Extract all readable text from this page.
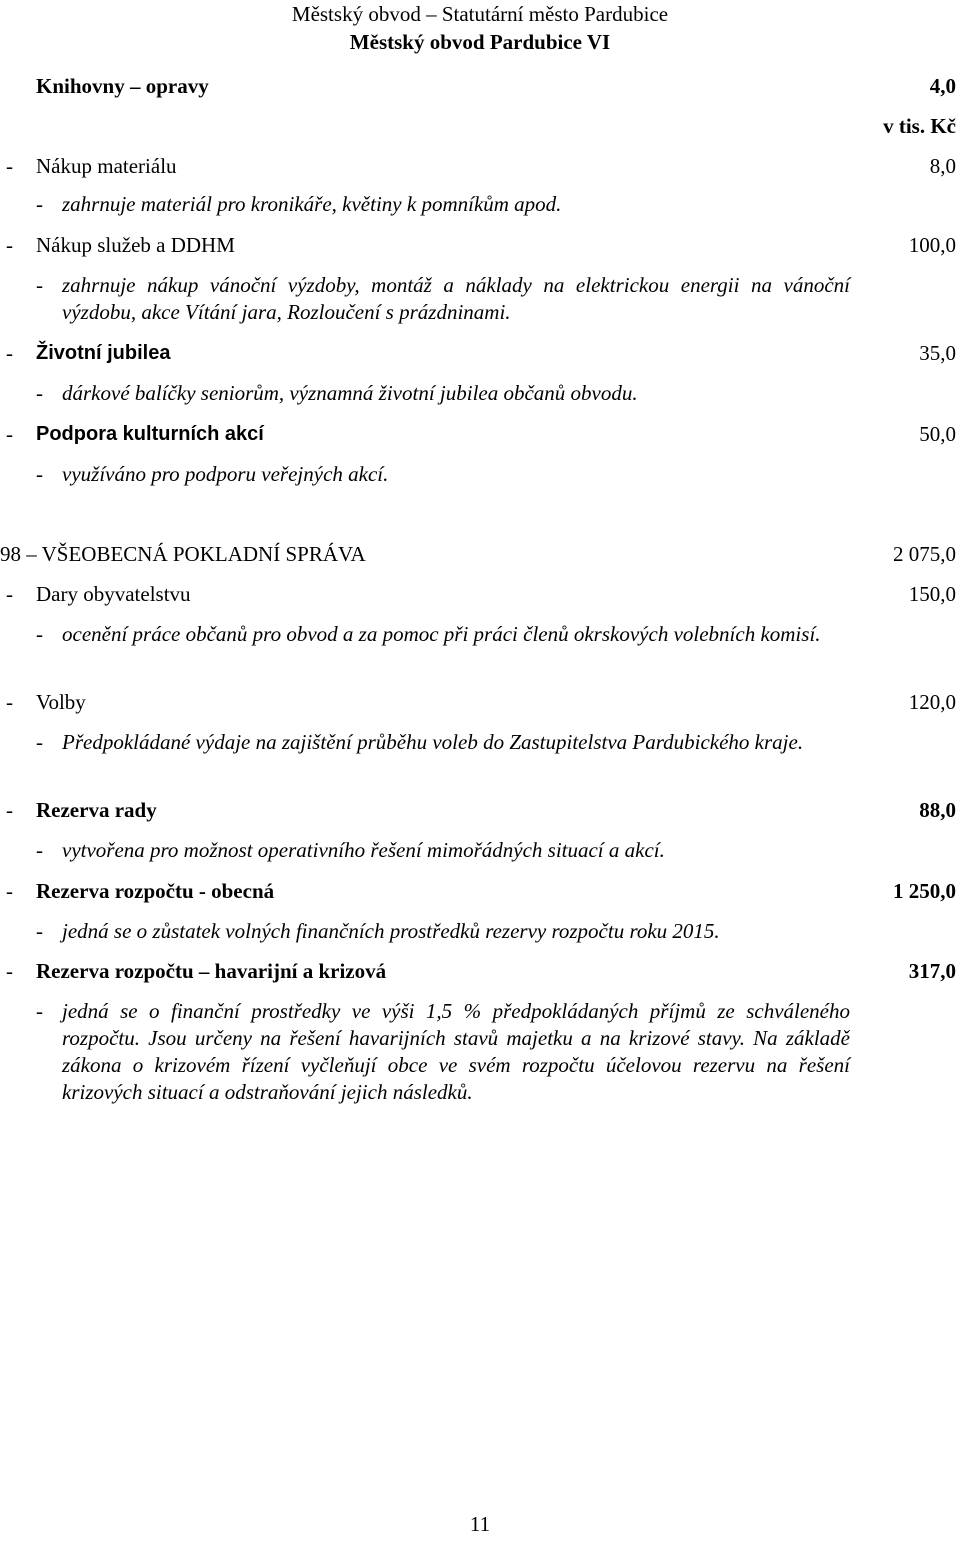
Městský obvod – Statutární město Pardubice
Městský obvod Pardubice VI
Knihovny – opravy	4,0
v tis. Kč
- Nákup materiálu	8,0
- zahrnuje materiál pro kronikáře, květiny k pomníkům apod.
- Nákup služeb a DDHM	100,0
- zahrnuje nákup vánoční výzdoby, montáž a náklady na elektrickou energii na vánoční výzdobu, akce Vítání jara, Rozloučení s prázdninami.
- Životní jubilea	35,0
- dárkové balíčky seniorům, významná životní jubilea občanů obvodu.
- Podpora kulturních akcí	50,0
- využíváno pro podporu veřejných akcí.
98 – VŠEOBECNÁ POKLADNÍ SPRÁVA	2 075,0
- Dary obyvatelstvu	150,0
- ocenění práce občanů pro obvod a za pomoc při práci členů okrskových volebních komisí.
- Volby	120,0
- Předpokládané výdaje na zajištění průběhu voleb do Zastupitelstva Pardubického kraje.
- Rezerva rady	88,0
- vytvořena pro možnost operativního řešení mimořádných situací a akcí.
- Rezerva rozpočtu - obecná	1 250,0
- jedná se o zůstatek volných finančních prostředků rezervy rozpočtu roku 2015.
- Rezerva rozpočtu – havarijní a krizová	317,0
- jedná se o finanční prostředky ve výši 1,5 % předpokládaných příjmů ze schváleného rozpočtu. Jsou určeny na řešení havarijních stavů majetku a na krizové stavy. Na základě zákona o krizovém řízení vyčleňují obce ve svém rozpočtu účelovou rezervu na řešení krizových situací a odstraňování jejich následků.
11
